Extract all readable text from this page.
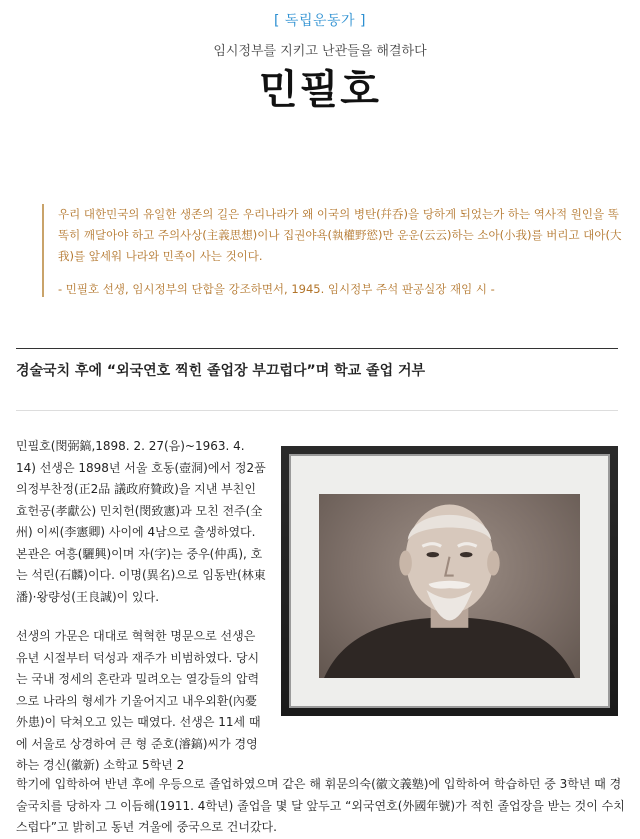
[ 독립운동가 ]
임시정부를 지키고 난관들을 해결하다
민필호

우리 대한민국의 유일한 생존의 길은 우리나라가 왜 이국의 병탄(幷呑)을 당하게 되었는가 하는 역사적 원인을 똑똑히 깨달아야 하고 주의사상(主義思想)이나 집권야욕(執權野慾)만 운운(云云)하는 소아(小我)를 버리고 대아(大我)를 앞세워 나라와 민족이 사는 것이다.

- 민필호 선생, 임시정부의 단합을 강조하면서, 1945. 임시정부 주석 판공실장 재임 시 -

경술국치 후에 “외국연호 찍힌 졸업장 부끄럽다”며 학교 졸업 거부

민필호(閔弼鎬,1898. 2. 27(음)~1963. 4. 14) 선생은 1898년 서울 호동(壺洞)에서 정2품 의정부찬정(正2品 議政府贊政)을 지낸 부친인 효헌공(孝獻公) 민치헌(閔致憲)과 모친 전주(全州) 이씨(李憲卿) 사이에 4남으로 출생하였다. 본관은 여흥(驪興)이며 자(字)는 중우(仲禹), 호는 석린(石麟)이다. 이명(異名)으로 임동반(林東潘)·왕량성(王良誠)이 있다.

선생의 가문은 대대로 혁혁한 명문으로 선생은 유년 시절부터 덕성과 재주가 비범하였다. 당시는 국내 정세의 혼란과 밀려오는 열강들의 압력으로 나라의 형세가 기울어지고 내우외환(內憂外患)이 닥쳐오고 있는 때였다. 선생은 11세 때에 서울로 상경하여 큰 형 준호(濬鎬)씨가 경영하는 경신(徽新) 소학교 5학년 2

학기에 입학하여 반년 후에 우등으로 졸업하였으며 같은 해 휘문의숙(徽文義塾)에 입학하여 학습하던 중 3학년 때 경술국치를 당하자 그 이듬해(1911. 4학년) 졸업을 몇 달 앞두고 “외국연호(外國年號)가 적힌 졸업장을 받는 것이 수치스럽다”고 밝히고 동년 겨울에 중국으로 건너갔다.
